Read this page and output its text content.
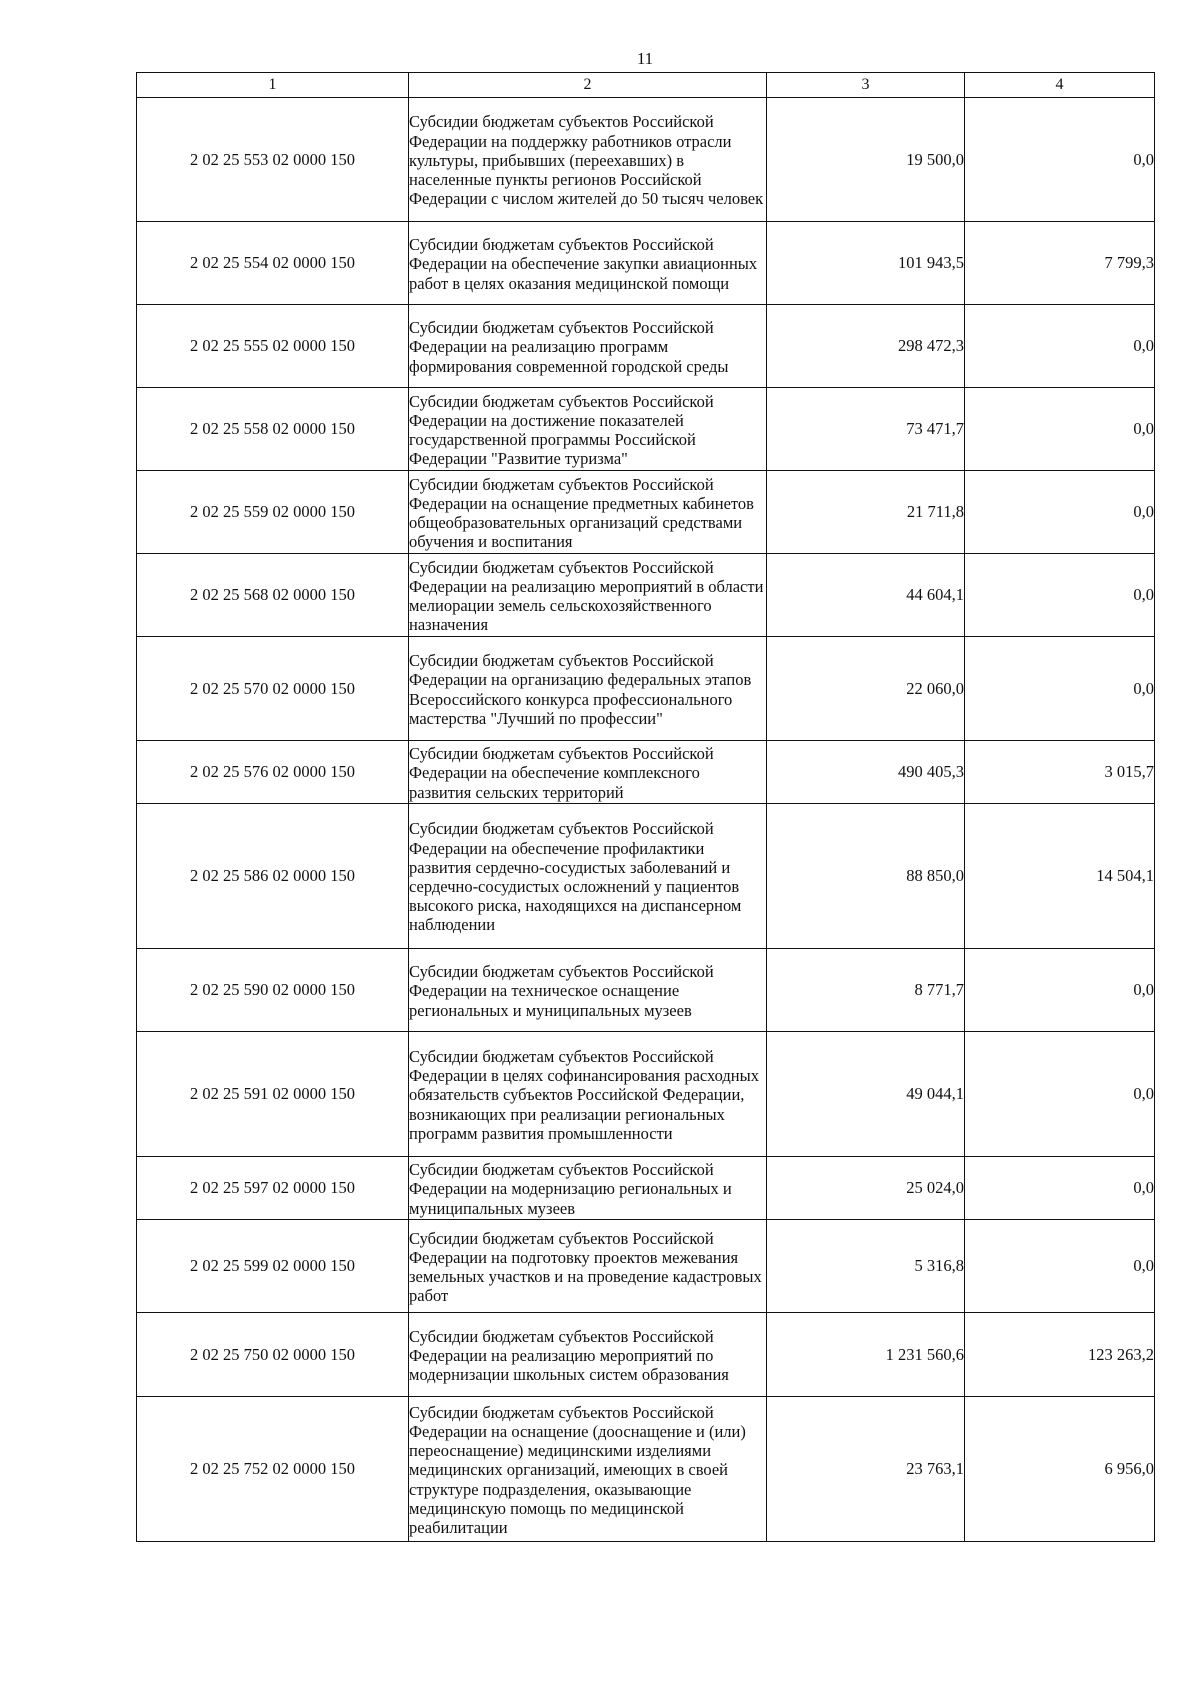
11
1	2	3	4
2 02 25 553 02 0000 150	Субсидии бюджетам субъектов Российской Федерации на поддержку работников отрасли культуры, прибывших (переехавших) в населенные пункты регионов Российской Федерации с числом жителей до 50 тысяч человек	19 500,0	0,0
2 02 25 554 02 0000 150	Субсидии бюджетам субъектов Российской Федерации на обеспечение закупки авиационных работ в целях оказания медицинской помощи	101 943,5	7 799,3
2 02 25 555 02 0000 150	Субсидии бюджетам субъектов Российской Федерации на реализацию программ формирования современной городской среды	298 472,3	0,0
2 02 25 558 02 0000 150	Субсидии бюджетам субъектов Российской Федерации на достижение показателей государственной программы Российской Федерации "Развитие туризма"	73 471,7	0,0
2 02 25 559 02 0000 150	Субсидии бюджетам субъектов Российской Федерации на оснащение предметных кабинетов общеобразовательных организаций средствами обучения и воспитания	21 711,8	0,0
2 02 25 568 02 0000 150	Субсидии бюджетам субъектов Российской Федерации на реализацию мероприятий в области мелиорации земель сельскохозяйственного назначения	44 604,1	0,0
2 02 25 570 02 0000 150	Субсидии бюджетам субъектов Российской Федерации на организацию федеральных этапов Всероссийского конкурса профессионального мастерства "Лучший по профессии"	22 060,0	0,0
2 02 25 576 02 0000 150	Субсидии бюджетам субъектов Российской Федерации на обеспечение комплексного развития сельских территорий	490 405,3	3 015,7
2 02 25 586 02 0000 150	Субсидии бюджетам субъектов Российской Федерации на обеспечение профилактики развития сердечно-сосудистых заболеваний и сердечно-сосудистых осложнений у пациентов высокого риска, находящихся на диспансерном наблюдении	88 850,0	14 504,1
2 02 25 590 02 0000 150	Субсидии бюджетам субъектов Российской Федерации на техническое оснащение региональных и муниципальных музеев	8 771,7	0,0
2 02 25 591 02 0000 150	Субсидии бюджетам субъектов Российской Федерации в целях софинансирования расходных обязательств субъектов Российской Федерации, возникающих при реализации региональных программ развития промышленности	49 044,1	0,0
2 02 25 597 02 0000 150	Субсидии бюджетам субъектов Российской Федерации на модернизацию региональных и муниципальных музеев	25 024,0	0,0
2 02 25 599 02 0000 150	Субсидии бюджетам субъектов Российской Федерации на подготовку проектов межевания земельных участков и на проведение кадастровых работ	5 316,8	0,0
2 02 25 750 02 0000 150	Субсидии бюджетам субъектов Российской Федерации на реализацию мероприятий по модернизации школьных систем образования	1 231 560,6	123 263,2
2 02 25 752 02 0000 150	Субсидии бюджетам субъектов Российской Федерации на оснащение (дооснащение и (или) переоснащение) медицинскими изделиями медицинских организаций, имеющих в своей структуре подразделения, оказывающие медицинскую помощь по медицинской реабилитации	23 763,1	6 956,0
